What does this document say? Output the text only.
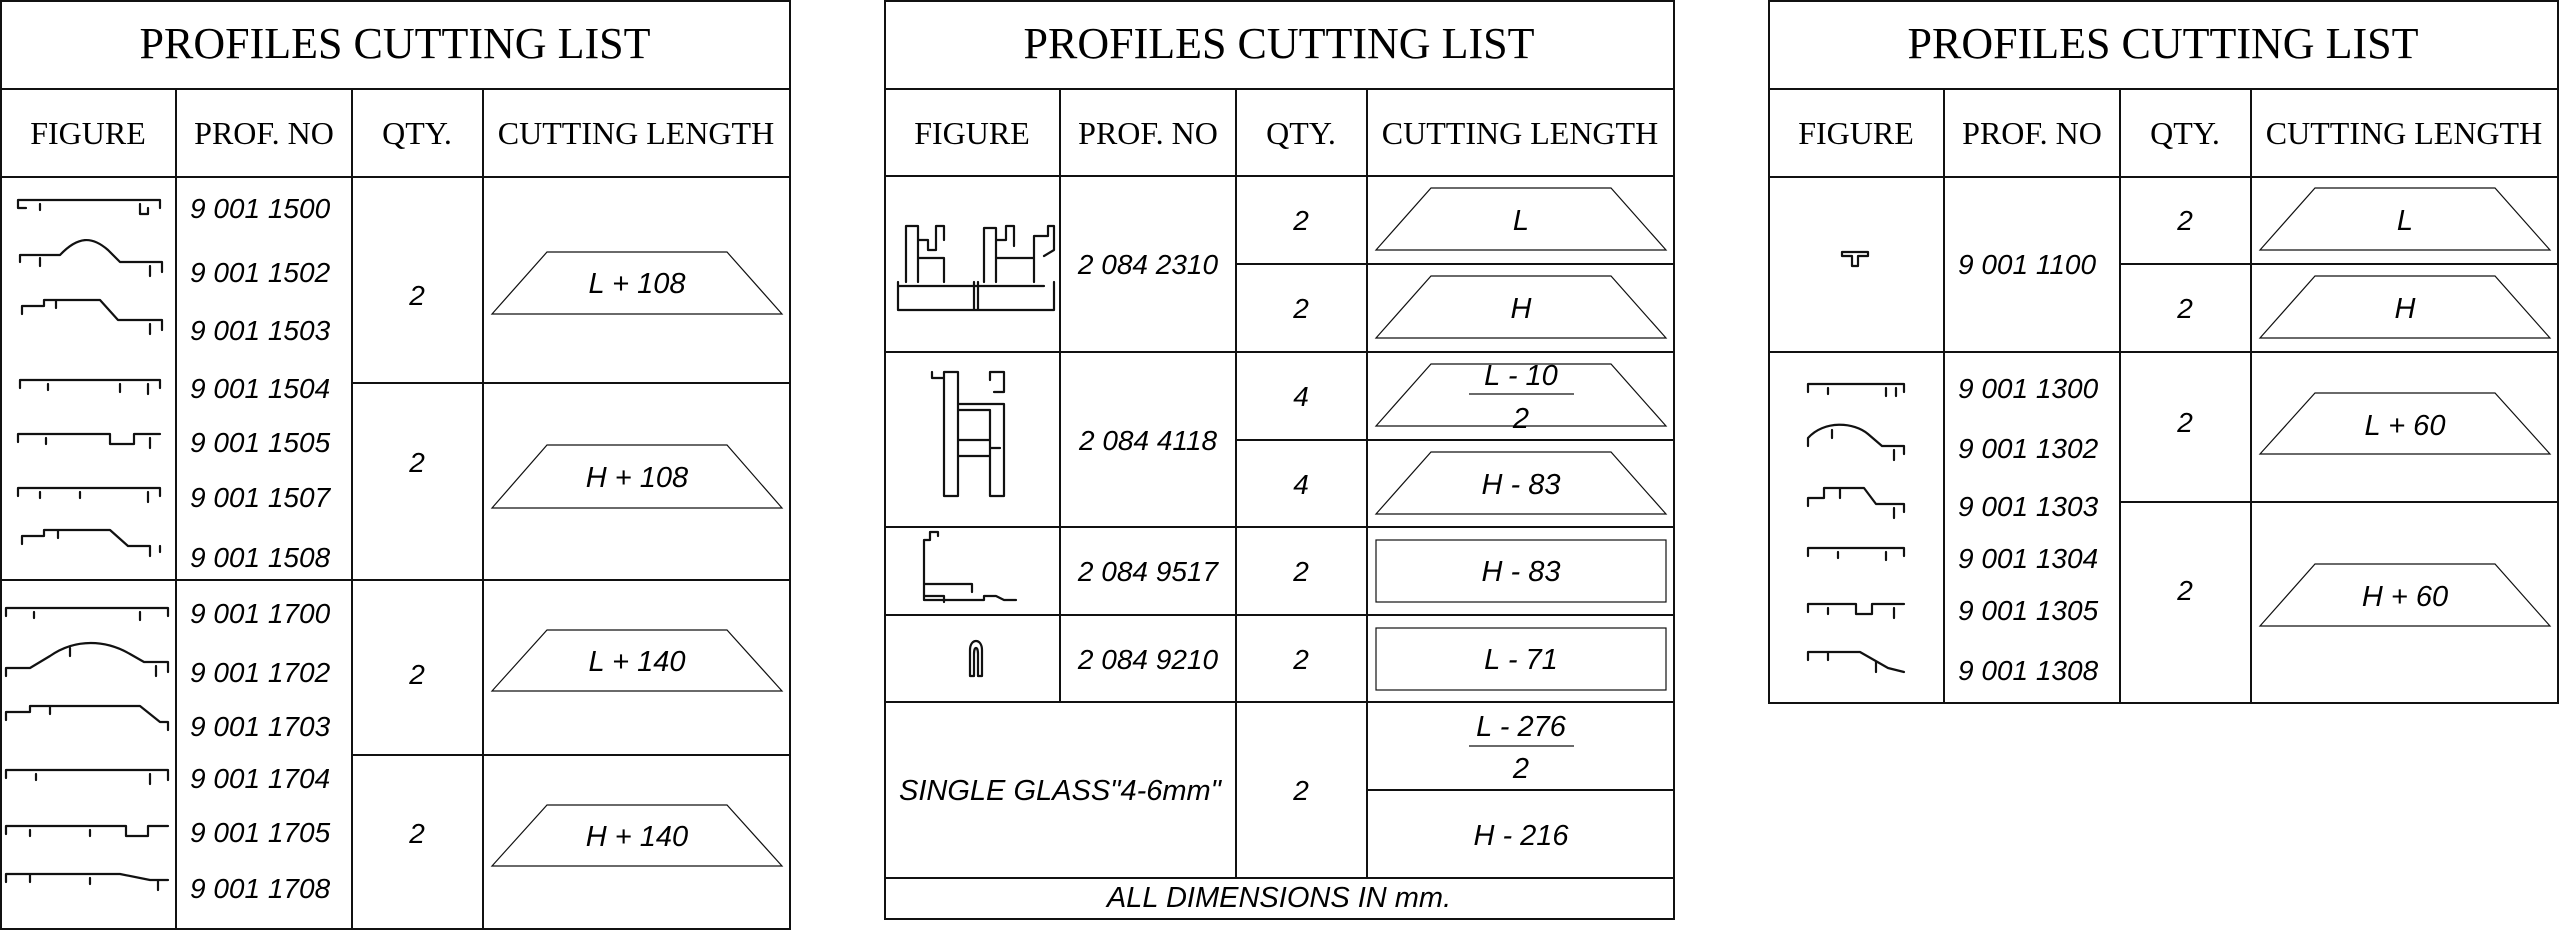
PROFILES CUTTING LIST
FIGURE PROF. NO QTY. CUTTING LENGTH
9 001 1500
9 001 1502
9 001 1503
9 001 1504
9 001 1505
9 001 1507
9 001 1508
9 001 1700
9 001 1702
9 001 1703
9 001 1704
9 001 1705
9 001 1708
2
2
2
2
L + 108
H + 108
L + 140
H + 140
PROFILES CUTTING LIST
FIGURE PROF. NO QTY. CUTTING LENGTH
2 084 2310
2 084 4118
2 084 9517
2 084 9210
2
2
4
4
2
2
2
L
H
L - 10
2
H - 83
H - 83
L - 71
L - 276
2
H - 216
SINGLE GLASS"4-6mm"
ALL DIMENSIONS IN mm.
PROFILES CUTTING LIST
FIGURE PROF. NO QTY. CUTTING LENGTH
9 001 1100
9 001 1300
9 001 1302
9 001 1303
9 001 1304
9 001 1305
9 001 1308
2
2
2
2
L
H
L + 60
H + 60
